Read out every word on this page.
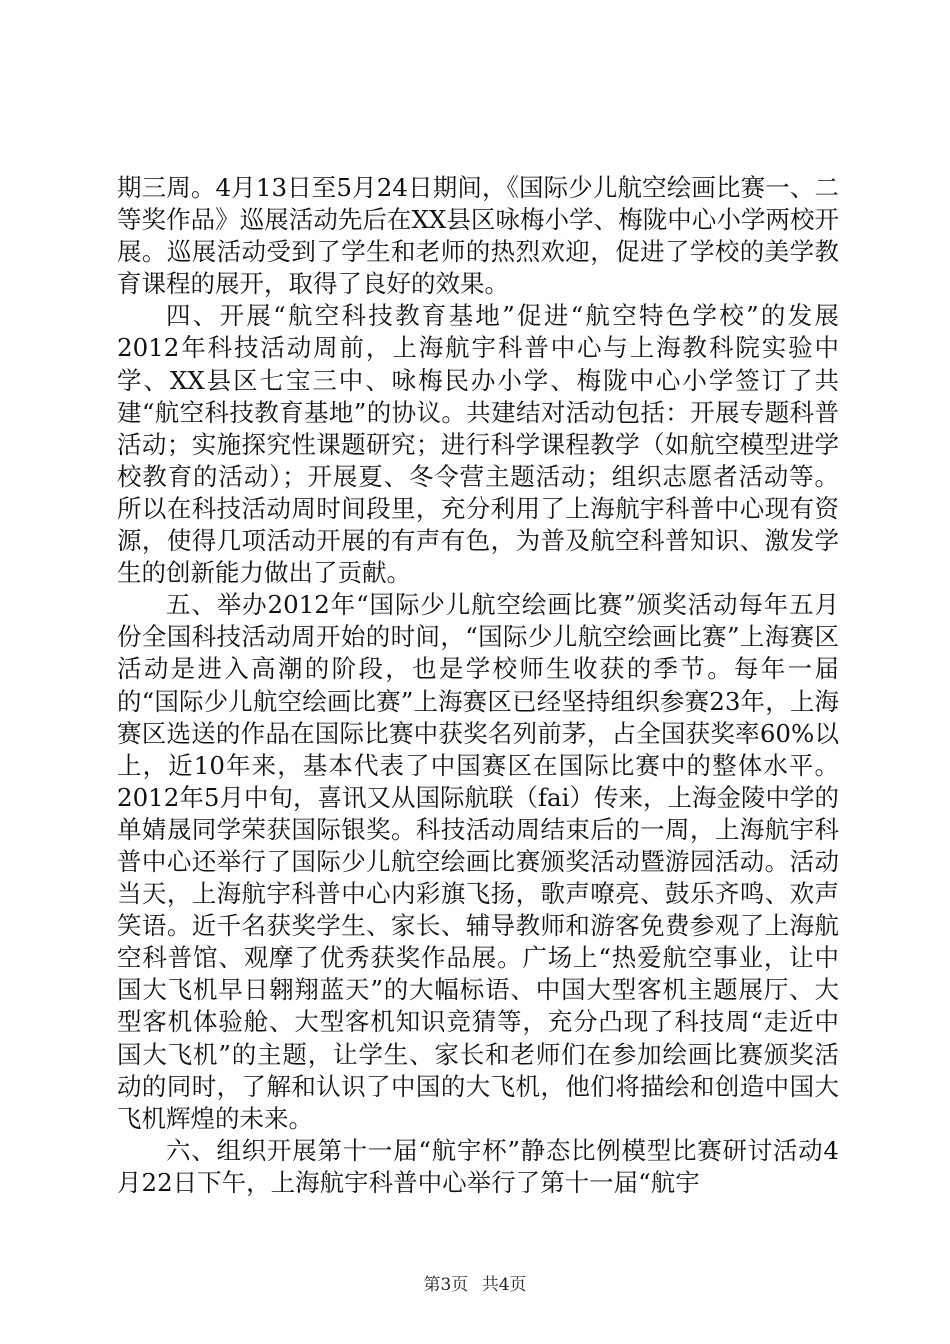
期三周。4月13日至5月24日期间，《国际少儿航空绘画比赛一、二等奖作品》巡展活动先后在XX县区咏梅小学、梅陇中心小学两校开展。巡展活动受到了学生和老师的热烈欢迎，促进了学校的美学教育课程的展开，取得了良好的效果。

四、开展“航空科技教育基地”促进“航空特色学校”的发展2012年科技活动周前，上海航宇科普中心与上海教科院实验中学、XX县区七宝三中、咏梅民办小学、梅陇中心小学签订了共建“航空科技教育基地”的协议。共建结对活动包括：开展专题科普活动；实施探究性课题研究；进行科学课程教学（如航空模型进学校教育的活动）；开展夏、冬令营主题活动；组织志愿者活动等。所以在科技活动周时间段里，充分利用了上海航宇科普中心现有资源，使得几项活动开展的有声有色，为普及航空科普知识、激发学生的创新能力做出了贡献。

五、举办2012年“国际少儿航空绘画比赛”颁奖活动每年五月份全国科技活动周开始的时间，“国际少儿航空绘画比赛”上海赛区活动是进入高潮的阶段，也是学校师生收获的季节。每年一届的“国际少儿航空绘画比赛”上海赛区已经坚持组织参赛23年，上海赛区选送的作品在国际比赛中获奖名列前茅，占全国获奖率60%以上，近10年来，基本代表了中国赛区在国际比赛中的整体水平。2012年5月中旬，喜讯又从国际航联（fai）传来，上海金陵中学的单婧晟同学荣获国际银奖。科技活动周结束后的一周，上海航宇科普中心还举行了国际少儿航空绘画比赛颁奖活动暨游园活动。活动当天，上海航宇科普中心内彩旗飞扬，歌声嘹亮、鼓乐齐鸣、欢声笑语。近千名获奖学生、家长、辅导教师和游客免费参观了上海航空科普馆、观摩了优秀获奖作品展。广场上“热爱航空事业，让中国大飞机早日翱翔蓝天”的大幅标语、中国大型客机主题展厅、大型客机体验舱、大型客机知识竞猜等，充分凸现了科技周“走近中国大飞机”的主题，让学生、家长和老师们在参加绘画比赛颁奖活动的同时，了解和认识了中国的大飞机，他们将描绘和创造中国大飞机辉煌的未来。

六、组织开展第十一届“航宇杯”静态比例模型比赛研讨活动4月22日下午，上海航宇科普中心举行了第十一届“航宇

第3页 共4页
